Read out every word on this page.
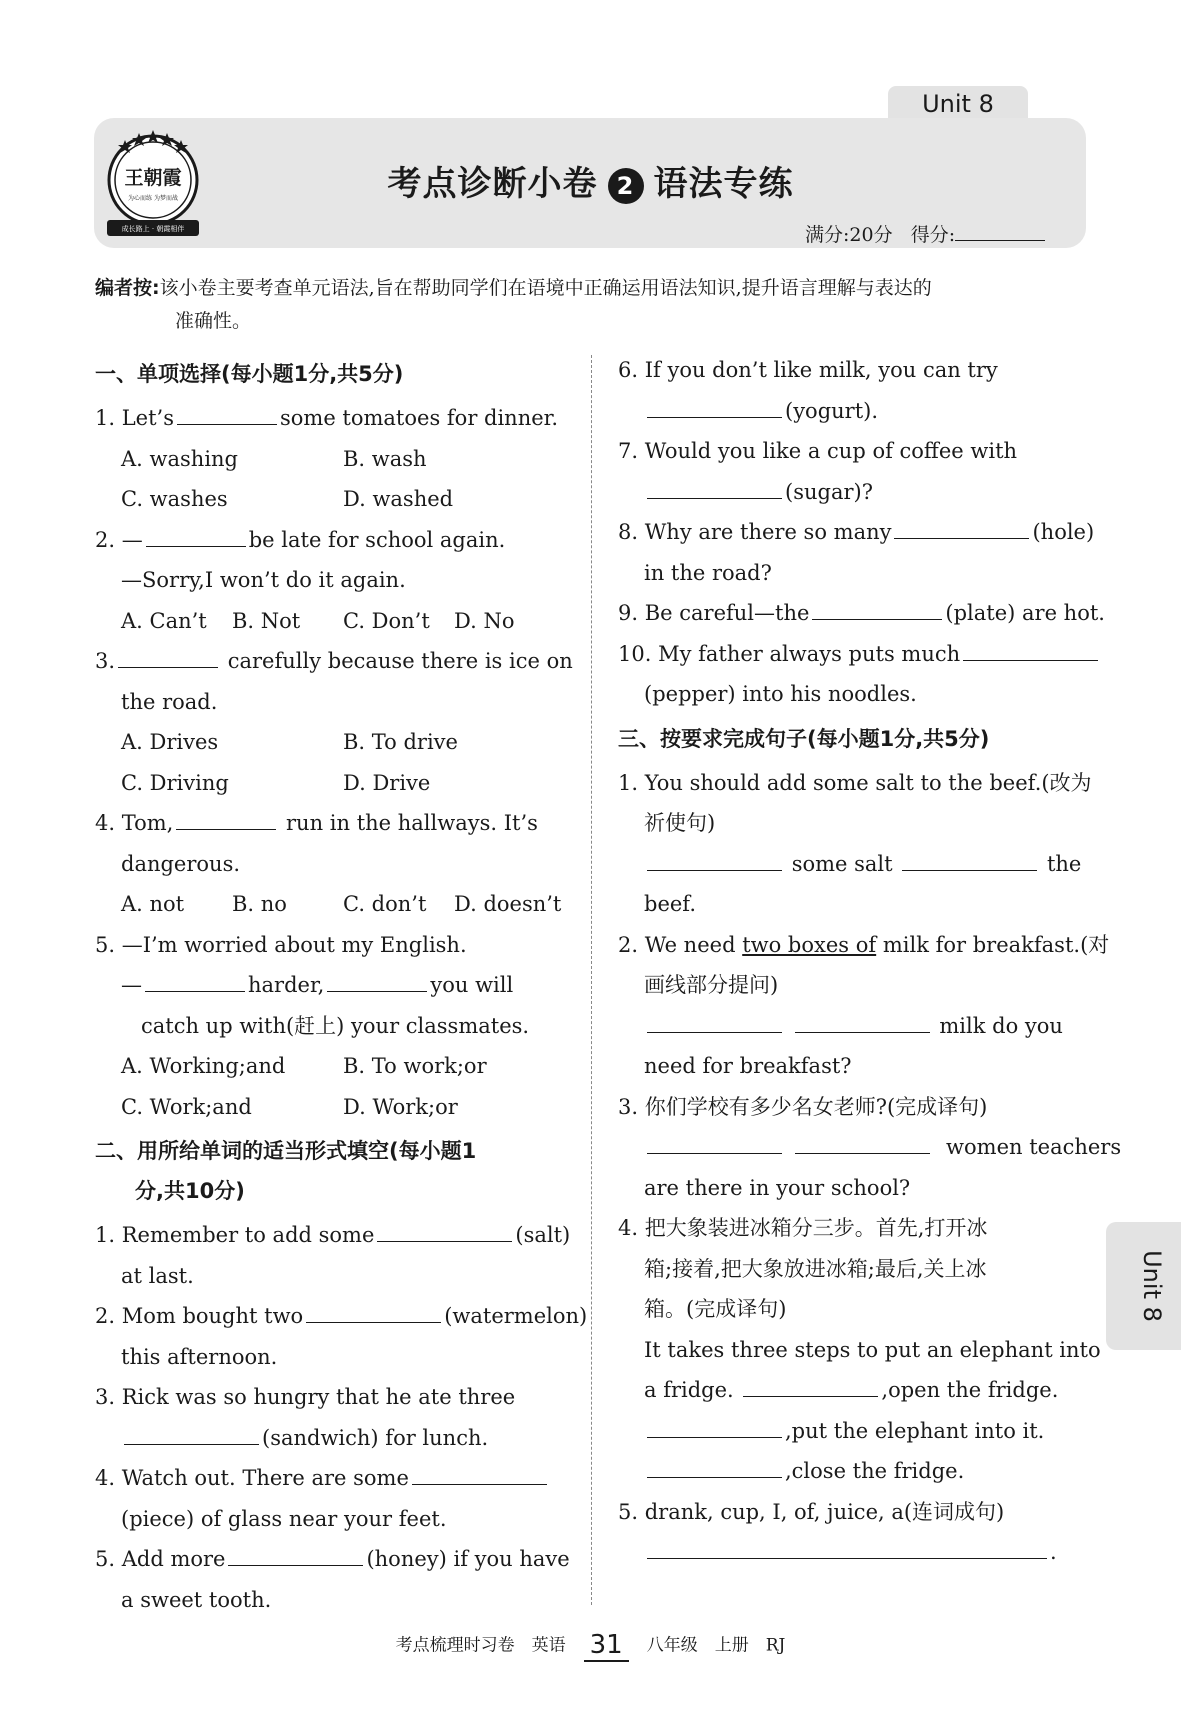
Unit 8
王朝霞
为心而练 为梦而战
成长路上 · 朝霞相伴
考点诊断小卷 2 语法专练
满分:20分 得分:
编者按:该小卷主要考查单元语法,旨在帮助同学们在语境中正确运用语法知识,提升语言理解与表达的
准确性。
一、单项选择(每小题1分,共5分)
1. Let’s	some tomatoes for dinner.
A. washing	B. wash
C. washes	D. washed
2. —	be late for school again.
—Sorry,I won’t do it again.
A. Can’t	B. Not	C. Don’t	D. No
3.	carefully because there is ice on
the road.
A. Drives	B. To drive
C. Driving	D. Drive
4. Tom,	run in the hallways. It’s
dangerous.
A. not	B. no	C. don’t	D. doesn’t
5. —I’m worried about my English.
—	harder,	you will
catch up with(赶上) your classmates.
A. Working;and	B. To work;or
C. Work;and	D. Work;or
二、用所给单词的适当形式填空(每小题1
分,共10分)
1. Remember to add some	(salt)
at last.
2. Mom bought two	(watermelon)
this afternoon.
3. Rick was so hungry that he ate three
(sandwich) for lunch.
4. Watch out. There are some
(piece) of glass near your feet.
5. Add more	(honey) if you have
a sweet tooth.
6. If you don’t like milk, you can try
(yogurt).
7. Would you like a cup of coffee with
(sugar)?
8. Why are there so many	(hole)
in the road?
9. Be careful—the	(plate) are hot.
10. My father always puts much
(pepper) into his noodles.
三、按要求完成句子(每小题1分,共5分)
1. You should add some salt to the beef.(改为
祈使句)
some salt	the
beef.
2. We need two boxes of milk for breakfast.(对
画线部分提问)
milk do you
need for breakfast?
3. 你们学校有多少名女老师?(完成译句)
women teachers
are there in your school?
4. 把大象装进冰箱分三步。首先,打开冰
箱;接着,把大象放进冰箱;最后,关上冰
箱。(完成译句)
It takes three steps to put an elephant into
a fridge.	,open the fridge.
,put the elephant into it.
,close the fridge.
5. drank, cup, I, of, juice, a(连词成句)
.
Unit 8
考点梳理时习卷　英语 31 八年级　上册　RJ
